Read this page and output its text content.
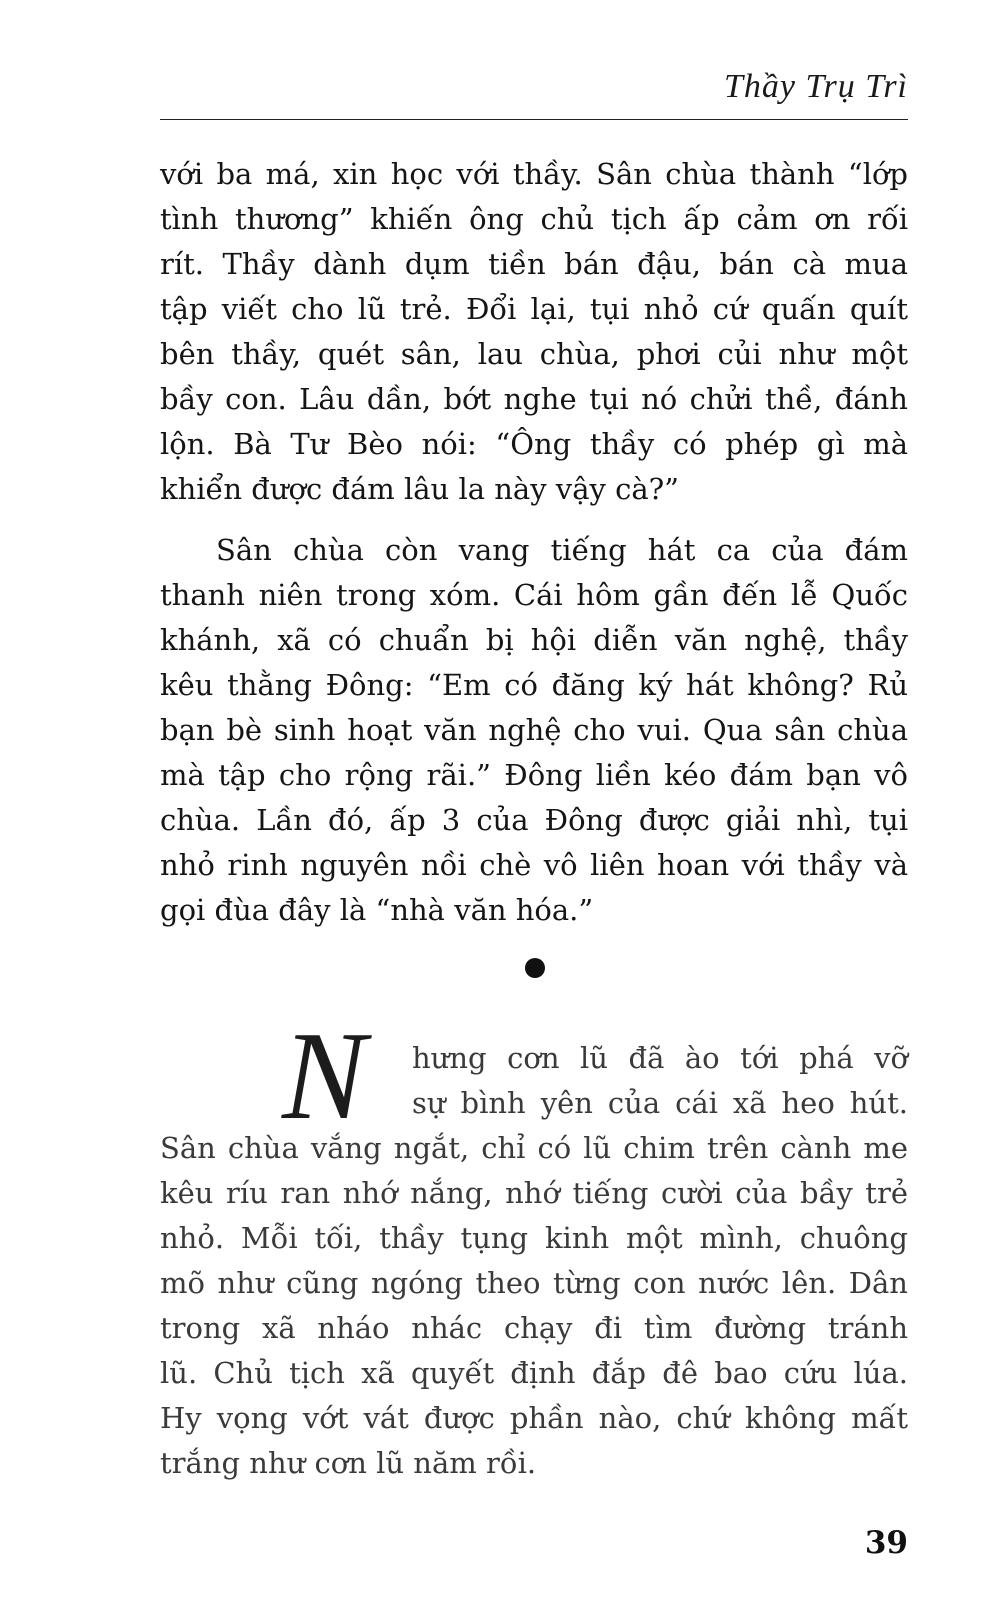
Thầy Trụ Trì
với ba má, xin học với thầy. Sân chùa thành “lớp
tình thương” khiến ông chủ tịch ấp cảm ơn rối
rít. Thầy dành dụm tiền bán đậu, bán cà mua
tập viết cho lũ trẻ. Đổi lại, tụi nhỏ cứ quấn quít
bên thầy, quét sân, lau chùa, phơi củi như một
bầy con. Lâu dần, bớt nghe tụi nó chửi thề, đánh
lộn. Bà Tư Bèo nói: “Ông thầy có phép gì mà
khiển được đám lâu la này vậy cà?”
Sân chùa còn vang tiếng hát ca của đám
thanh niên trong xóm. Cái hôm gần đến lễ Quốc
khánh, xã có chuẩn bị hội diễn văn nghệ, thầy
kêu thằng Đông: “Em có đăng ký hát không? Rủ
bạn bè sinh hoạt văn nghệ cho vui. Qua sân chùa
mà tập cho rộng rãi.” Đông liền kéo đám bạn vô
chùa. Lần đó, ấp 3 của Đông được giải nhì, tụi
nhỏ rinh nguyên nồi chè vô liên hoan với thầy và
gọi đùa đây là “nhà văn hóa.”
N	hưng cơn lũ đã ào tới phá vỡ
sự bình yên của cái xã heo hút.
Sân chùa vắng ngắt, chỉ có lũ chim trên cành me
kêu ríu ran nhớ nắng, nhớ tiếng cười của bầy trẻ
nhỏ. Mỗi tối, thầy tụng kinh một mình, chuông
mõ như cũng ngóng theo từng con nước lên. Dân
trong xã nháo nhác chạy đi tìm đường tránh
lũ. Chủ tịch xã quyết định đắp đê bao cứu lúa.
Hy vọng vớt vát được phần nào, chứ không mất
trắng như cơn lũ năm rồi.
39
